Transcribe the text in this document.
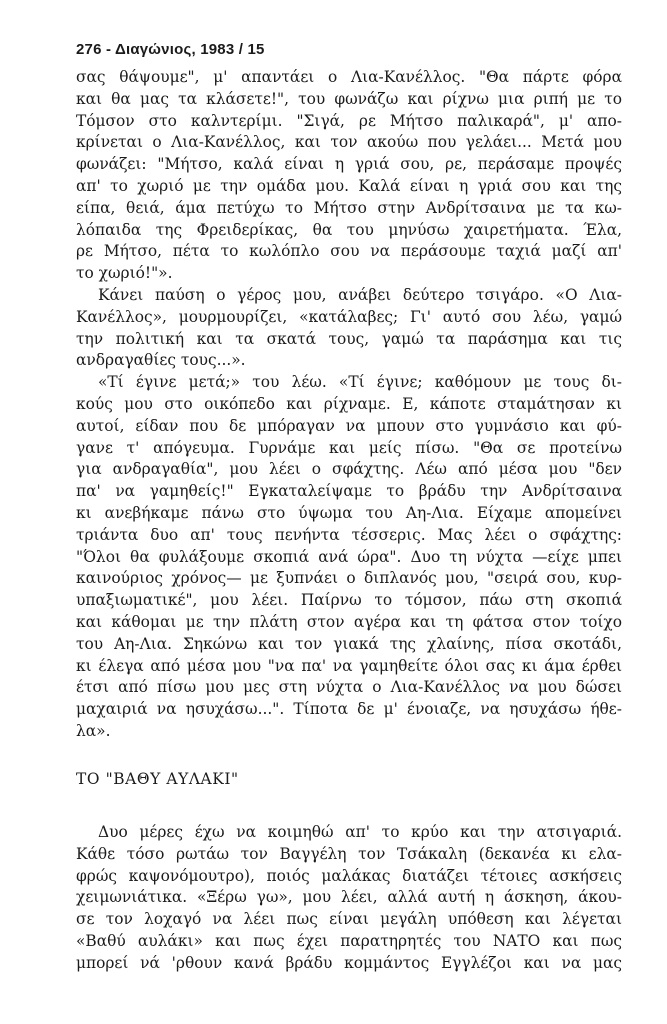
276 - Διαγώνιος, 1983 / 15
σας θάψουμε", μ' απαντάει ο Λια-Κανέλλος. "Θα πάρτε φόρα
και θα μας τα κλάσετε!", του φωνάζω και ρίχνω μια ριπή με το
Τόμσον στο καλντερίμι. "Σιγά, ρε Μήτσο παλικαρά", μ' απο-
κρίνεται ο Λια-Κανέλλος, και τον ακούω που γελάει... Μετά μου
φωνάζει: "Μήτσο, καλά είναι η γριά σου, ρε, περάσαμε προψές
απ' το χωριό με την ομάδα μου. Καλά είναι η γριά σου και της
είπα, θειά, άμα πετύχω το Μήτσο στην Ανδρίτσαινα με τα κω-
λόπαιδα της Φρειδερίκας, θα του μηνύσω χαιρετήματα. Έλα,
ρε Μήτσο, πέτα το κωλόπλο σου να περάσουμε ταχιά μαζί απ'
το χωριό!"».
Κάνει παύση ο γέρος μου, ανάβει δεύτερο τσιγάρο. «Ο Λια-
Κανέλλος», μουρμουρίζει, «κατάλαβες; Γι' αυτό σου λέω, γαμώ
την πολιτική και τα σκατά τους, γαμώ τα παράσημα και τις
ανδραγαθίες τους...».
«Τί έγινε μετά;» του λέω. «Τί έγινε; καθόμουν με τους δι-
κούς μου στο οικόπεδο και ρίχναμε. Ε, κάποτε σταμάτησαν κι
αυτοί, είδαν που δε μπόραγαν να μπουν στο γυμνάσιο και φύ-
γανε τ' απόγευμα. Γυρνάμε και μείς πίσω. "Θα σε προτείνω
για ανδραγαθία", μου λέει ο σφάχτης. Λέω από μέσα μου "δεν
πα' να γαμηθείς!" Εγκαταλείψαμε το βράδυ την Ανδρίτσαινα
κι ανεβήκαμε πάνω στο ύψωμα του Αη-Λια. Είχαμε απομείνει
τριάντα δυο απ' τους πενήντα τέσσερις. Μας λέει ο σφάχτης:
"Όλοι θα φυλάξουμε σκοπιά ανά ώρα". Δυο τη νύχτα —είχε μπει
καινούριος χρόνος— με ξυπνάει ο διπλανός μου, "σειρά σου, κυρ-
υπαξιωματικέ", μου λέει. Παίρνω το τόμσον, πάω στη σκοπιά
και κάθομαι με την πλάτη στον αγέρα και τη φάτσα στον τοίχο
του Αη-Λια. Σηκώνω και τον γιακά της χλαίνης, πίσα σκοτάδι,
κι έλεγα από μέσα μου "να πα' να γαμηθείτε όλοι σας κι άμα έρθει
έτσι από πίσω μου μες στη νύχτα ο Λια-Κανέλλος να μου δώσει
μαχαιριά να ησυχάσω...". Τίποτα δε μ' ένοιαζε, να ησυχάσω ήθε-
λα».
ΤΟ "ΒΑΘΥ ΑΥΛΑΚΙ"
Δυο μέρες έχω να κοιμηθώ απ' το κρύο και την ατσιγαριά.
Κάθε τόσο ρωτάω τον Βαγγέλη τον Τσάκαλη (δεκανέα κι ελα-
φρώς καψονόμουτρο), ποιός μαλάκας διατάζει τέτοιες ασκήσεις
χειμωνιάτικα. «Ξέρω γω», μου λέει, αλλά αυτή η άσκηση, άκου-
σε τον λοχαγό να λέει πως είναι μεγάλη υπόθεση και λέγεται
«Βαθύ αυλάκι» και πως έχει παρατηρητές του ΝΑΤΟ και πως
μπορεί νά 'ρθουν κανά βράδυ κομμάντος Εγγλέζοι και να μας
